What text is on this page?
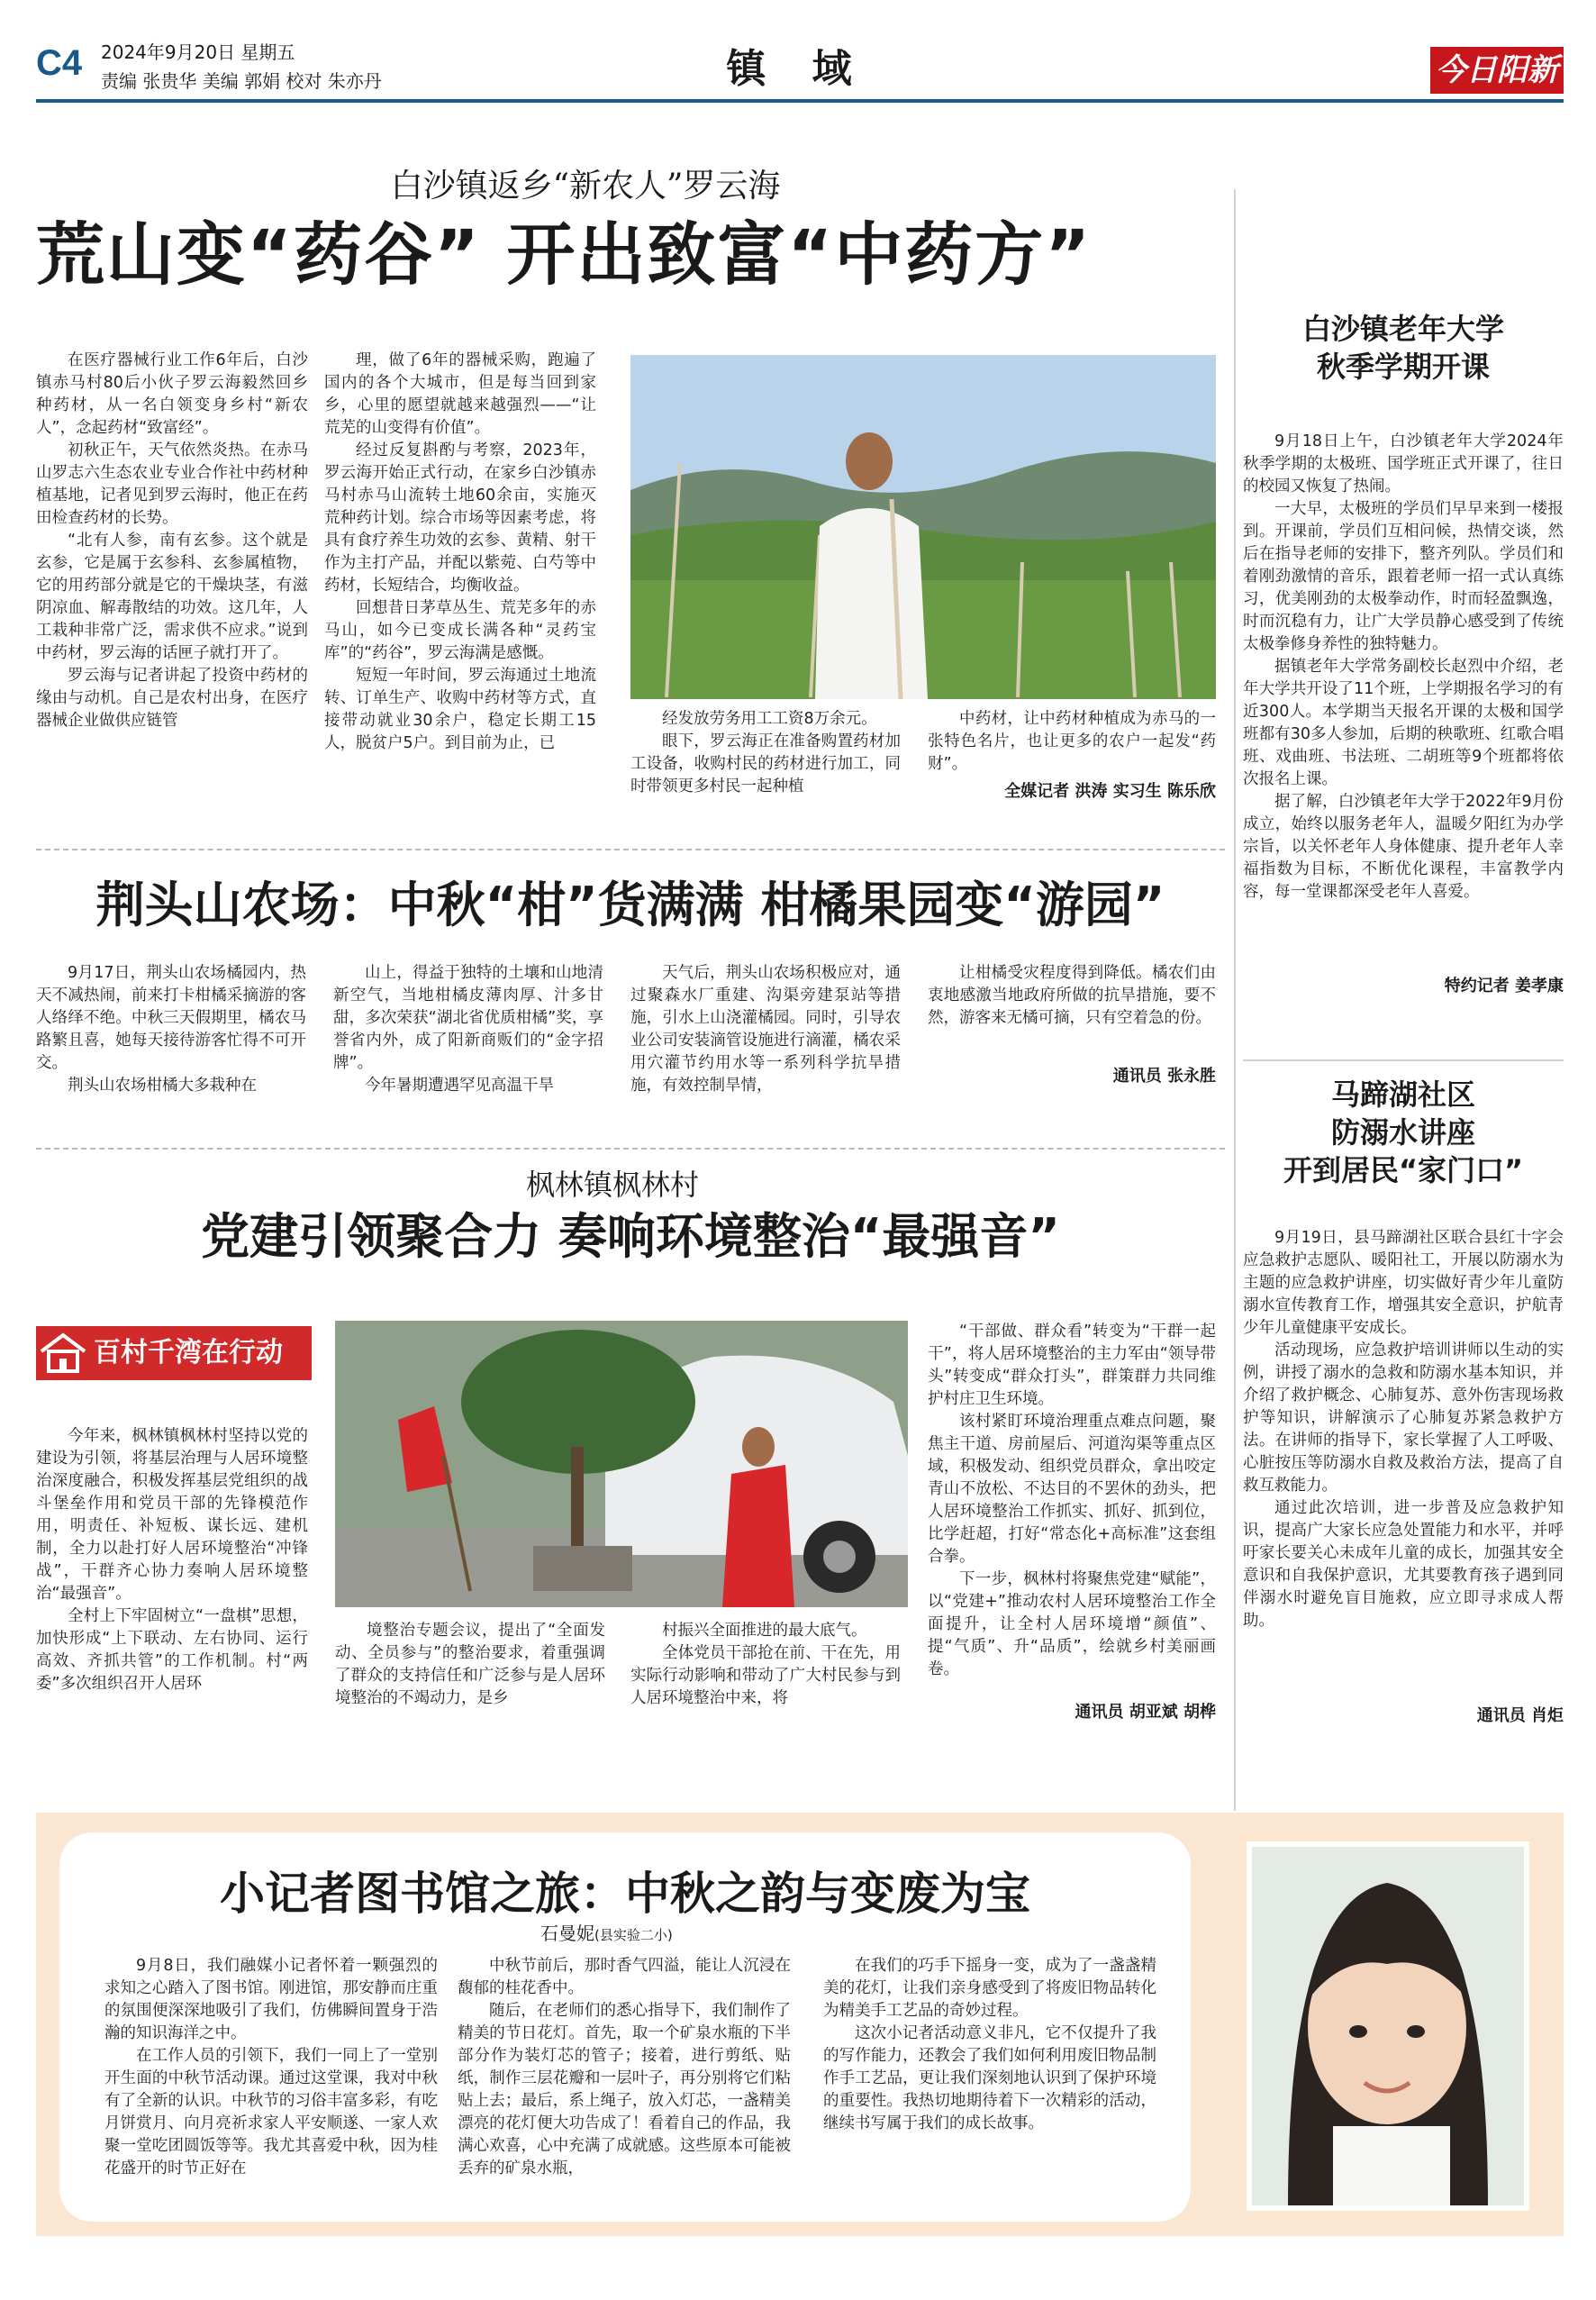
C4 2024年9月20日 星期五
责编 张贵华 美编 郭娟 校对 朱亦丹	镇 域	今日阳新
白沙镇返乡“新农人”罗云海
荒山变“药谷” 开出致富“中药方”

在医疗器械行业工作6年后，白沙镇赤马村80后小伙子罗云海毅然回乡种药材，从一名白领变身乡村“新农人”，念起药材“致富经”。

初秋正午，天气依然炎热。在赤马山罗志六生态农业专业合作社中药材种植基地，记者见到罗云海时，他正在药田检查药材的长势。

“北有人参，南有玄参。这个就是玄参，它是属于玄参科、玄参属植物，它的用药部分就是它的干燥块茎，有滋阴凉血、解毒散结的功效。这几年，人工栽种非常广泛，需求供不应求。”说到中药材，罗云海的话匣子就打开了。

罗云海与记者讲起了投资中药材的缘由与动机。自己是农村出身，在医疗器械企业做供应链管

理，做了6年的器械采购，跑遍了国内的各个大城市，但是每当回到家乡，心里的愿望就越来越强烈——“让荒芜的山变得有价值”。

经过反复斟酌与考察，2023年，罗云海开始正式行动，在家乡白沙镇赤马村赤马山流转土地60余亩，实施灭荒种药计划。综合市场等因素考虑，将具有食疗养生功效的玄参、黄精、射干作为主打产品，并配以紫菀、白芍等中药材，长短结合，均衡收益。

回想昔日茅草丛生、荒芜多年的赤马山，如今已变成长满各种“灵药宝库”的“药谷”，罗云海满是感慨。

短短一年时间，罗云海通过土地流转、订单生产、收购中药材等方式，直接带动就业30余户，稳定长期工15人，脱贫户5户。到目前为止，已

经发放劳务用工工资8万余元。

眼下，罗云海正在准备购置药材加工设备，收购村民的药材进行加工，同时带领更多村民一起种植

中药材，让中药材种植成为赤马的一张特色名片，也让更多的农户一起发“药财”。

全媒记者 洪涛 实习生 陈乐欣
荆头山农场：中秋“柑”货满满 柑橘果园变“游园”

9月17日，荆头山农场橘园内，热天不减热闹，前来打卡柑橘采摘游的客人络绎不绝。中秋三天假期里，橘农马路繁且喜，她每天接待游客忙得不可开交。

荆头山农场柑橘大多栽种在

山上，得益于独特的土壤和山地清新空气，当地柑橘皮薄肉厚、汁多甘甜，多次荣获“湖北省优质柑橘”奖，享誉省内外，成了阳新商贩们的“金字招牌”。

今年暑期遭遇罕见高温干旱

天气后，荆头山农场积极应对，通过聚森水厂重建、沟渠旁建泵站等措施，引水上山浇灌橘园。同时，引导农业公司安装滴管设施进行滴灌，橘农采用穴灌节约用水等一系列科学抗旱措施，有效控制旱情，

让柑橘受灾程度得到降低。橘农们由衷地感激当地政府所做的抗旱措施，要不然，游客来无橘可摘，只有空着急的份。

通讯员 张永胜
枫林镇枫林村
党建引领聚合力 奏响环境整治“最强音”
百村千湾在行动

今年来，枫林镇枫林村坚持以党的建设为引领，将基层治理与人居环境整治深度融合，积极发挥基层党组织的战斗堡垒作用和党员干部的先锋模范作用，明责任、补短板、谋长远、建机制，全力以赴打好人居环境整治“冲锋战”，干群齐心协力奏响人居环境整治“最强音”。

全村上下牢固树立“一盘棋”思想，加快形成“上下联动、左右协同、运行高效、齐抓共管”的工作机制。村“两委”多次组织召开人居环

境整治专题会议，提出了“全面发动、全员参与”的整治要求，着重强调了群众的支持信任和广泛参与是人居环境整治的不竭动力，是乡

村振兴全面推进的最大底气。

全体党员干部抢在前、干在先，用实际行动影响和带动了广大村民参与到人居环境整治中来，将

“干部做、群众看”转变为“干群一起干”，将人居环境整治的主力军由“领导带头”转变成“群众打头”，群策群力共同维护村庄卫生环境。

该村紧盯环境治理重点难点问题，聚焦主干道、房前屋后、河道沟渠等重点区域，积极发动、组织党员群众，拿出咬定青山不放松、不达目的不罢休的劲头，把人居环境整治工作抓实、抓好、抓到位，比学赶超，打好“常态化+高标准”这套组合拳。

下一步，枫林村将聚焦党建“赋能”，以“党建+”推动农村人居环境整治工作全面提升，让全村人居环境增“颜值”、提“气质”、升“品质”，绘就乡村美丽画卷。

通讯员 胡亚斌 胡桦
白沙镇老年大学
秋季学期开课

9月18日上午，白沙镇老年大学2024年秋季学期的太极班、国学班正式开课了，往日的校园又恢复了热闹。

一大早，太极班的学员们早早来到一楼报到。开课前，学员们互相问候，热情交谈，然后在指导老师的安排下，整齐列队。学员们和着刚劲激情的音乐，跟着老师一招一式认真练习，优美刚劲的太极拳动作，时而轻盈飘逸，时而沉稳有力，让广大学员静心感受到了传统太极拳修身养性的独特魅力。

据镇老年大学常务副校长赵烈中介绍，老年大学共开设了11个班，上学期报名学习的有近300人。本学期当天报名开课的太极和国学班都有30多人参加，后期的秧歌班、红歌合唱班、戏曲班、书法班、二胡班等9个班都将依次报名上课。

据了解，白沙镇老年大学于2022年9月份成立，始终以服务老年人，温暖夕阳红为办学宗旨，以关怀老年人身体健康、提升老年人幸福指数为目标，不断优化课程，丰富教学内容，每一堂课都深受老年人喜爱。

特约记者 姜孝康
马蹄湖社区
防溺水讲座
开到居民“家门口”

9月19日，县马蹄湖社区联合县红十字会应急救护志愿队、暖阳社工，开展以防溺水为主题的应急救护讲座，切实做好青少年儿童防溺水宣传教育工作，增强其安全意识，护航青少年儿童健康平安成长。

活动现场，应急救护培训讲师以生动的实例，讲授了溺水的急救和防溺水基本知识，并介绍了救护概念、心肺复苏、意外伤害现场救护等知识，讲解演示了心肺复苏紧急救护方法。在讲师的指导下，家长掌握了人工呼吸、心脏按压等防溺水自救及救治方法，提高了自救互救能力。

通过此次培训，进一步普及应急救护知识，提高广大家长应急处置能力和水平，并呼吁家长要关心未成年儿童的成长，加强其安全意识和自我保护意识，尤其要教育孩子遇到同伴溺水时避免盲目施救，应立即寻求成人帮助。

通讯员 肖炬
小记者图书馆之旅：中秋之韵与变废为宝
石曼妮(县实验二小)

9月8日，我们融媒小记者怀着一颗强烈的求知之心踏入了图书馆。刚进馆，那安静而庄重的氛围便深深地吸引了我们，仿佛瞬间置身于浩瀚的知识海洋之中。

在工作人员的引领下，我们一同上了一堂别开生面的中秋节活动课。通过这堂课，我对中秋有了全新的认识。中秋节的习俗丰富多彩，有吃月饼赏月、向月亮祈求家人平安顺遂、一家人欢聚一堂吃团圆饭等等。我尤其喜爱中秋，因为桂花盛开的时节正好在

中秋节前后，那时香气四溢，能让人沉浸在馥郁的桂花香中。

随后，在老师们的悉心指导下，我们制作了精美的节日花灯。首先，取一个矿泉水瓶的下半部分作为装灯芯的管子；接着，进行剪纸、贴纸，制作三层花瓣和一层叶子，再分别将它们粘贴上去；最后，系上绳子，放入灯芯，一盏精美漂亮的花灯便大功告成了！看着自己的作品，我满心欢喜，心中充满了成就感。这些原本可能被丢弃的矿泉水瓶，

在我们的巧手下摇身一变，成为了一盏盏精美的花灯，让我们亲身感受到了将废旧物品转化为精美手工艺品的奇妙过程。

这次小记者活动意义非凡，它不仅提升了我的写作能力，还教会了我们如何利用废旧物品制作手工艺品，更让我们深刻地认识到了保护环境的重要性。我热切地期待着下一次精彩的活动，继续书写属于我们的成长故事。
